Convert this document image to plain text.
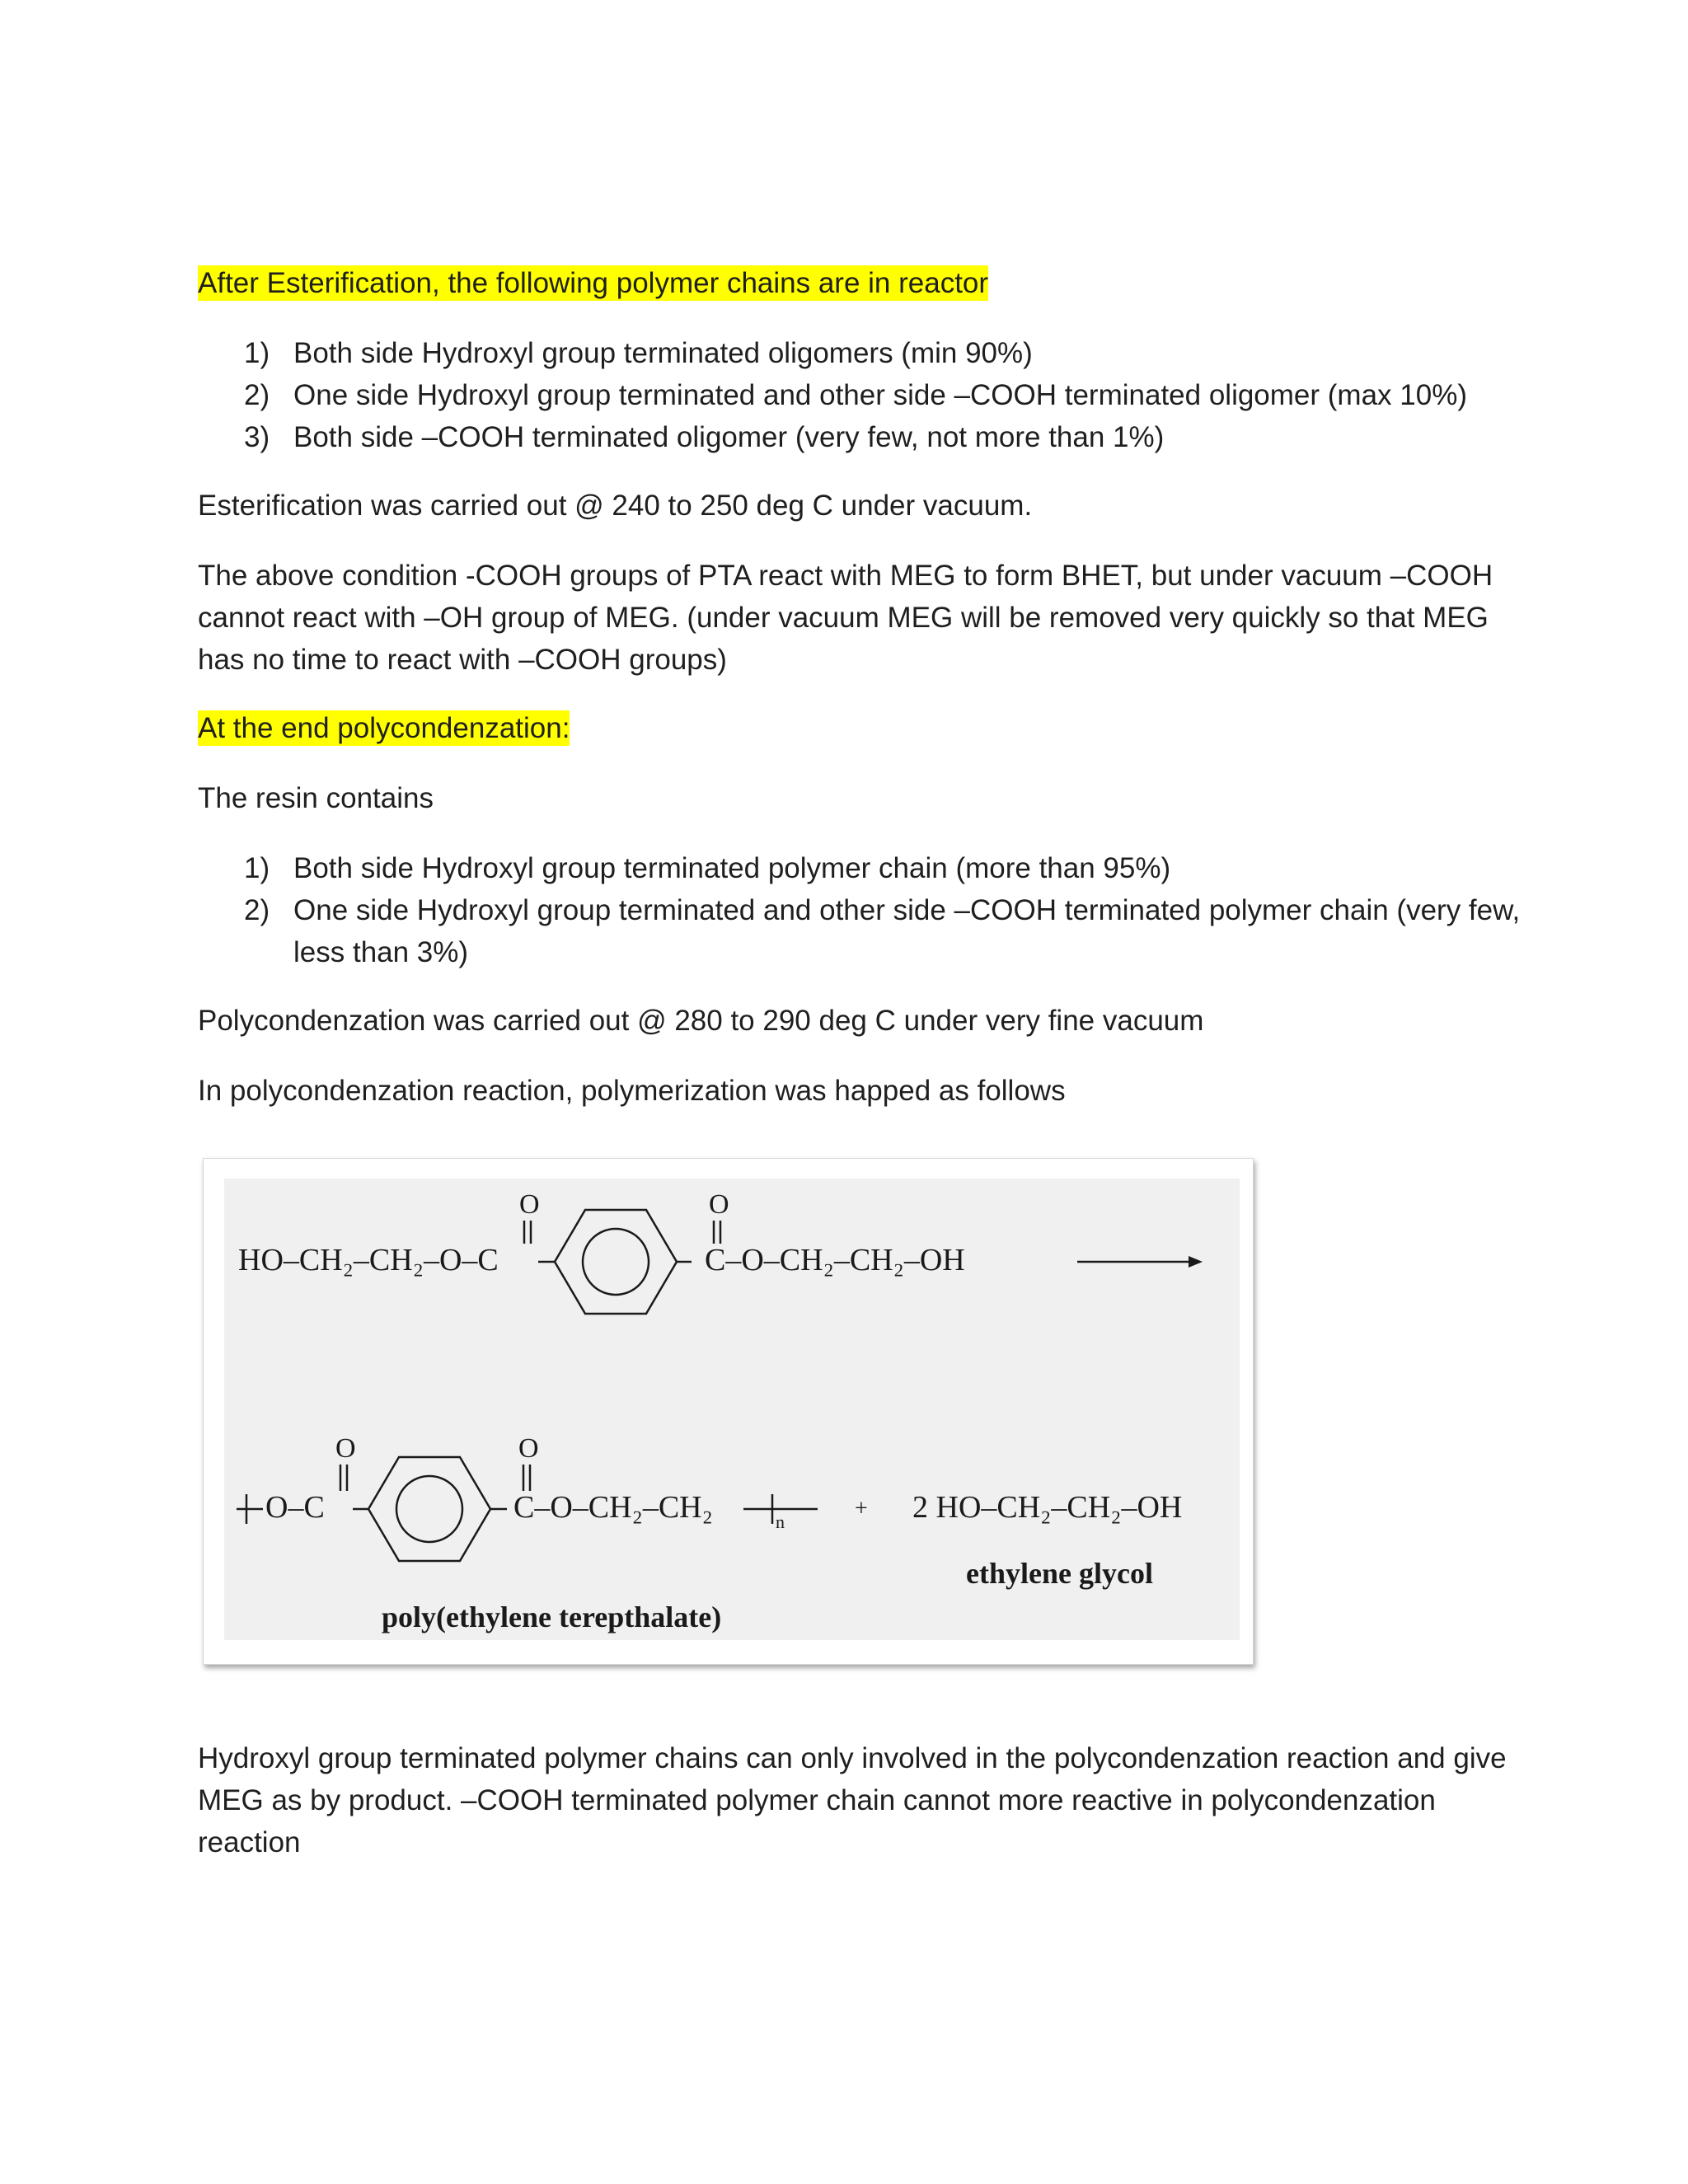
After Esterification, the following polymer chains are in reactor

1) Both side Hydroxyl group terminated oligomers (min 90%)
2) One side Hydroxyl group terminated and other side –COOH terminated oligomer (max 10%)
3) Both side –COOH terminated oligomer (very few, not more than 1%)

Esterification was carried out @ 240 to 250 deg C under vacuum.

The above condition -COOH groups of PTA react with MEG to form BHET, but under vacuum –COOH

cannot react with –OH group of MEG. (under vacuum MEG will be removed very quickly so that MEG

has no time to react with –COOH groups)

At the end polycondenzation:

The resin contains

1) Both side Hydroxyl group terminated polymer chain (more than 95%)
2) One side Hydroxyl group terminated and other side –COOH terminated polymer chain (very few,
less than 3%)

Polycondenzation was carried out @ 280 to 290 deg C under very fine vacuum

In polycondenzation reaction, polymerization was happed as follows

HO–CH₂–CH₂–O–C
O	O
C–O–CH₂–CH₂–OH
O–C
O	O
C–O–CH₂–CH₂	n
+ 2 HO–CH₂–CH₂–OH
ethylene glycol
poly(ethylene terepthalate)

Hydroxyl group terminated polymer chains can only involved in the polycondenzation reaction and give

MEG as by product. –COOH terminated polymer chain cannot more reactive in polycondenzation

reaction
